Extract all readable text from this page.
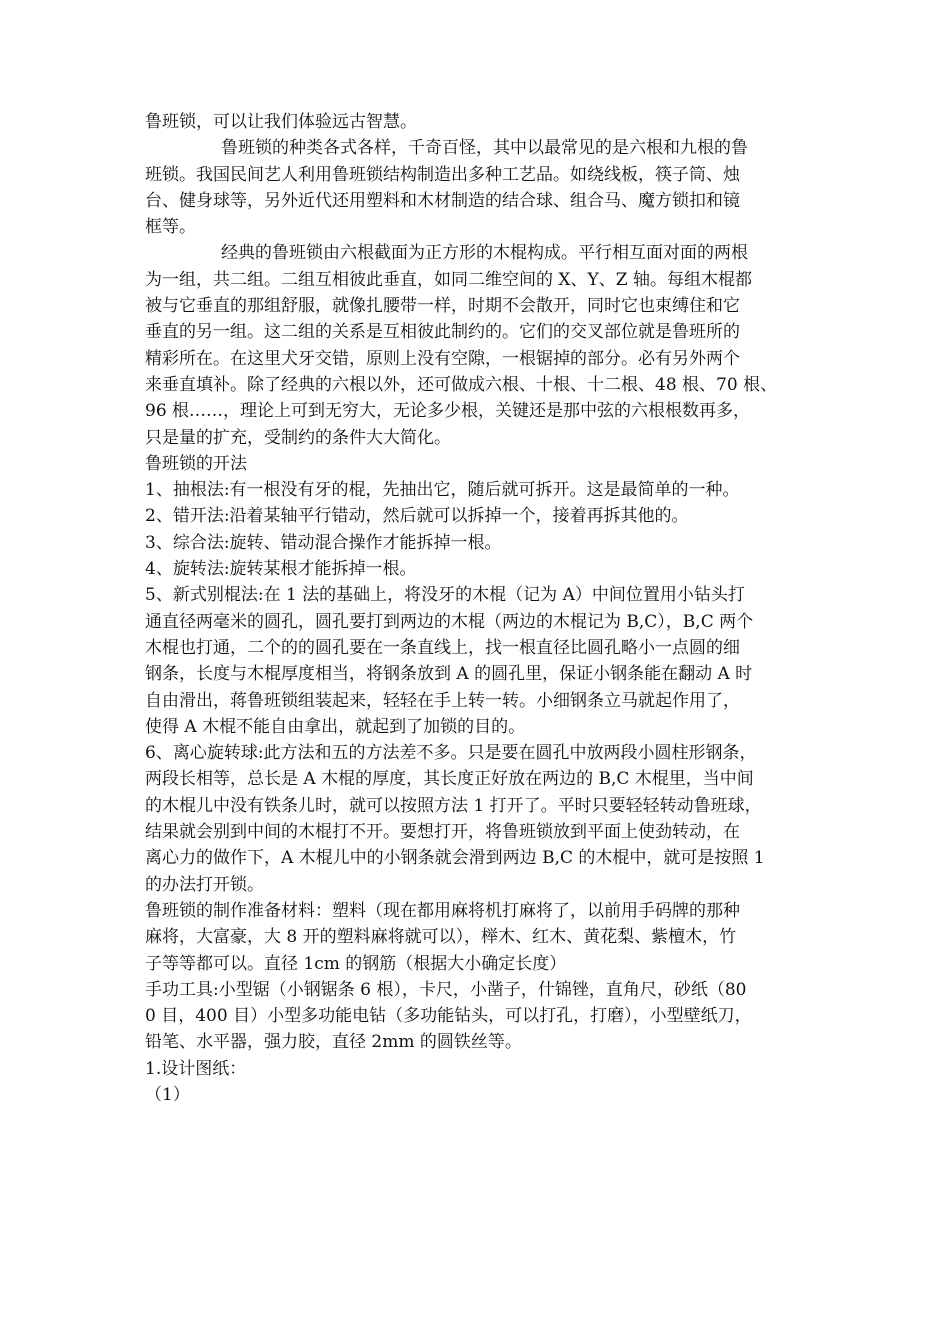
鲁班锁，可以让我们体验远古智慧。
鲁班锁的种类各式各样，千奇百怪，其中以最常见的是六根和九根的鲁
班锁。我国民间艺人利用鲁班锁结构制造出多种工艺品。如绕线板，筷子筒、烛
台、健身球等，另外近代还用塑料和木材制造的结合球、组合马、魔方锁扣和镜
框等。
经典的鲁班锁由六根截面为正方形的木棍构成。平行相互面对面的两根
为一组，共二组。二组互相彼此垂直，如同二维空间的 X、Y、Z 轴。每组木棍都
被与它垂直的那组舒服，就像扎腰带一样，时期不会散开，同时它也束缚住和它
垂直的另一组。这二组的关系是互相彼此制约的。它们的交叉部位就是鲁班所的
精彩所在。在这里犬牙交错，原则上没有空隙，一根锯掉的部分。必有另外两个
来垂直填补。除了经典的六根以外，还可做成六根、十根、十二根、48 根、70 根、
96 根……，理论上可到无穷大，无论多少根，关键还是那中弦的六根根数再多，
只是量的扩充，受制约的条件大大简化。
鲁班锁的开法
1、抽根法:有一根没有牙的棍，先抽出它，随后就可拆开。这是最简单的一种。
2、错开法:沿着某轴平行错动，然后就可以拆掉一个，接着再拆其他的。
3、综合法:旋转、错动混合操作才能拆掉一根。
4、旋转法:旋转某根才能拆掉一根。
5、新式别棍法:在 1 法的基础上，将没牙的木棍（记为 A）中间位置用小钻头打
通直径两毫米的圆孔，圆孔要打到两边的木棍（两边的木棍记为 B,C），B,C 两个
木棍也打通，二个的的圆孔要在一条直线上，找一根直径比圆孔略小一点圆的细
钢条，长度与木棍厚度相当，将钢条放到 A 的圆孔里，保证小钢条能在翻动 A 时
自由滑出，蒋鲁班锁组装起来，轻轻在手上转一转。小细钢条立马就起作用了，
使得 A 木棍不能自由拿出，就起到了加锁的目的。
6、离心旋转球:此方法和五的方法差不多。只是要在圆孔中放两段小圆柱形钢条，
两段长相等，总长是 A 木棍的厚度，其长度正好放在两边的 B,C 木棍里，当中间
的木棍儿中没有铁条儿时，就可以按照方法 1 打开了。平时只要轻轻转动鲁班球，
结果就会别到中间的木棍打不开。要想打开，将鲁班锁放到平面上使劲转动，在
离心力的做作下，A 木棍儿中的小钢条就会滑到两边 B,C 的木棍中，就可是按照 1
的办法打开锁。
鲁班锁的制作准备材料：塑料（现在都用麻将机打麻将了，以前用手码牌的那种
麻将，大富豪，大 8 开的塑料麻将就可以），榉木、红木、黄花梨、紫檀木，竹
子等等都可以。直径 1cm 的钢筋（根据大小确定长度）
手功工具:小型锯（小钢锯条 6 根），卡尺，小凿子，什锦锉，直角尺，砂纸（80
0 目，400 目）小型多功能电钻（多功能钻头，可以打孔，打磨），小型壁纸刀，
铅笔、水平器，强力胶，直径 2mm 的圆铁丝等。
1.设计图纸：
（1）
